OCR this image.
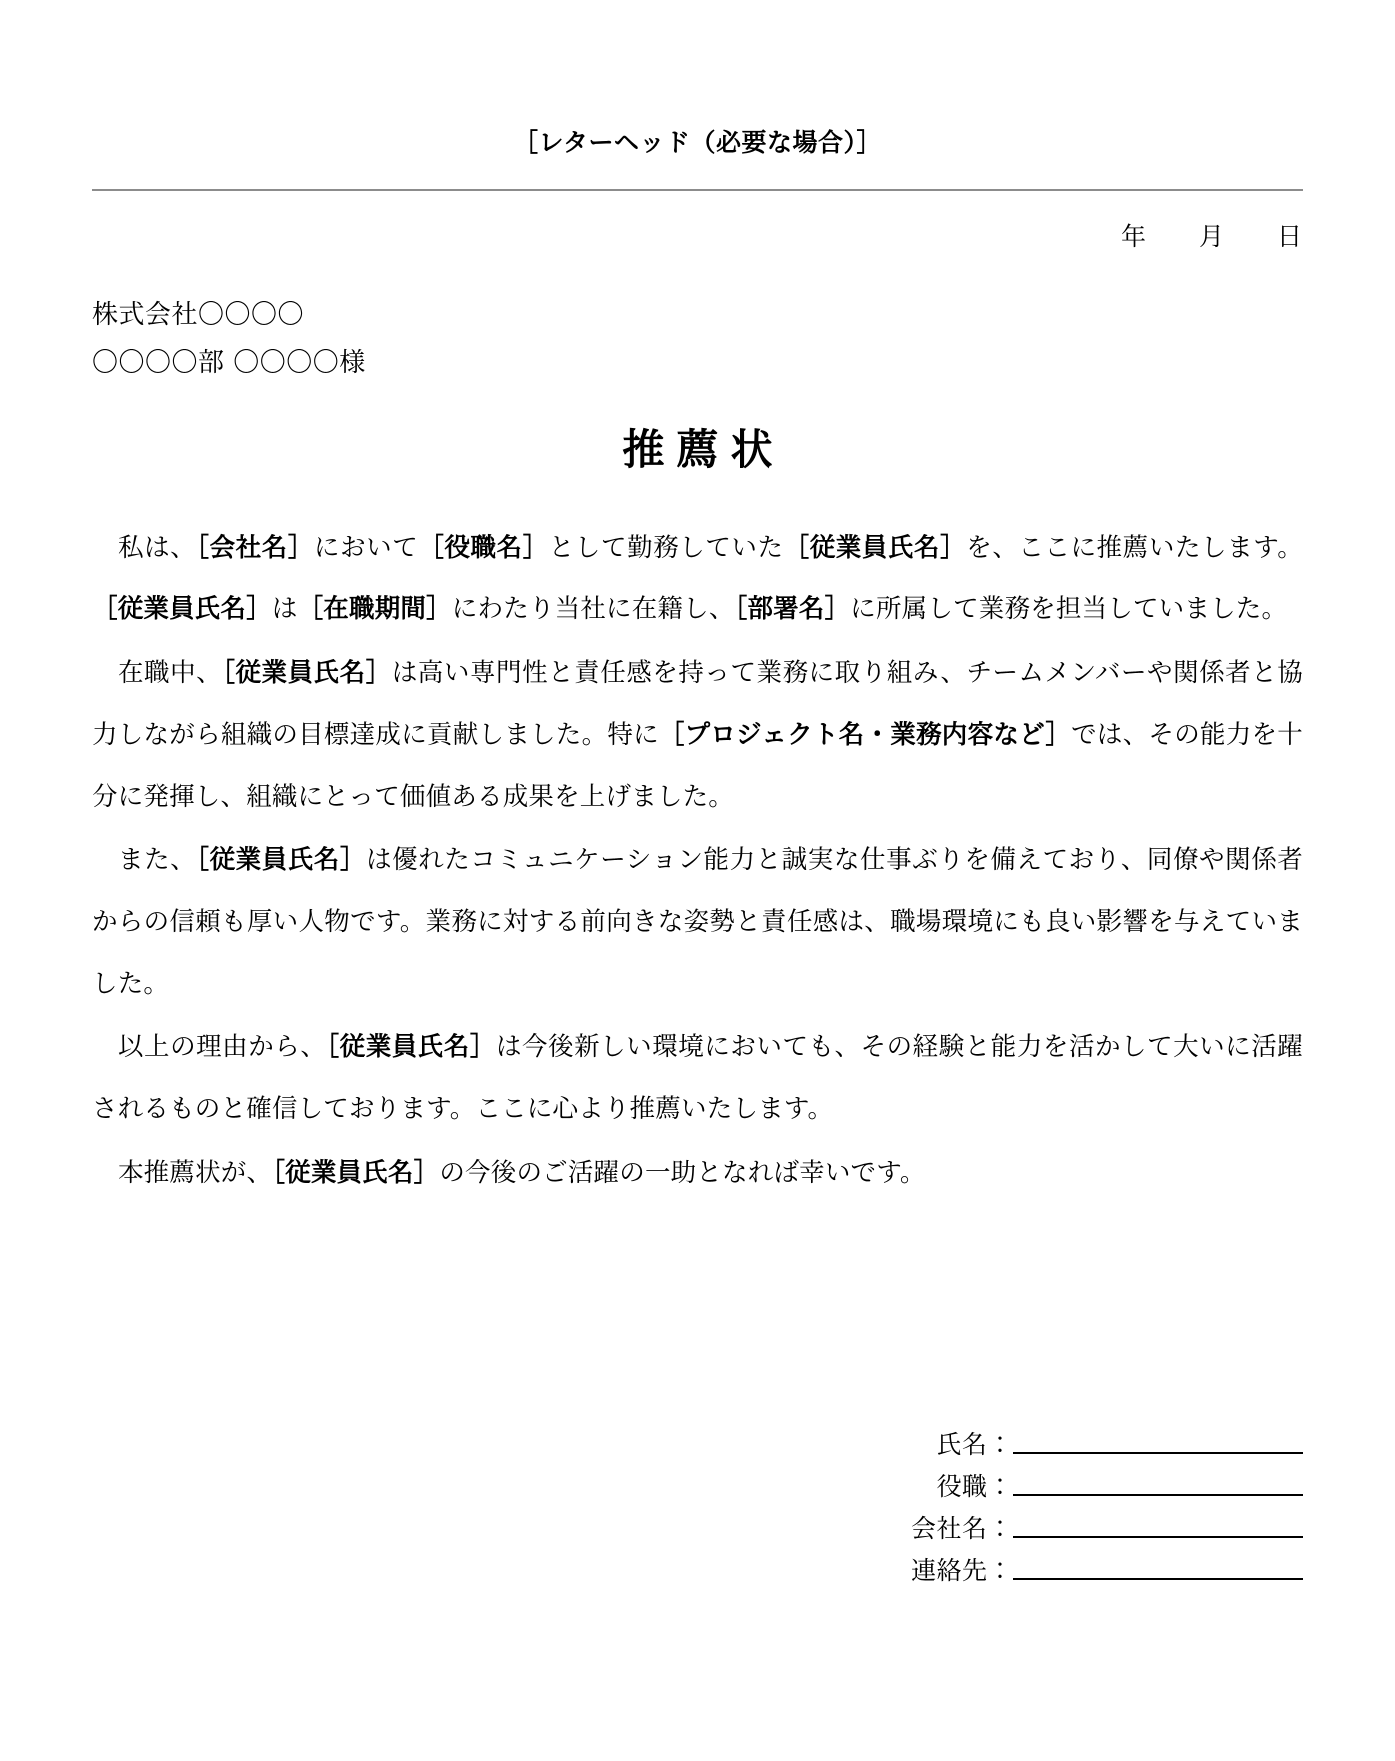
［レターヘッド（必要な場合）］
年　　月　　日
株式会社〇〇〇〇
〇〇〇〇部 〇〇〇〇様
推薦状

私は、［会社名］において［役職名］として勤務していた［従業員氏名］を、ここに推薦いたします。［従業員氏名］は［在職期間］にわたり当社に在籍し、［部署名］に所属して業務を担当していました。

在職中、［従業員氏名］は高い専門性と責任感を持って業務に取り組み、チームメンバーや関係者と協力しながら組織の目標達成に貢献しました。特に［プロジェクト名・業務内容など］では、その能力を十分に発揮し、組織にとって価値ある成果を上げました。

また、［従業員氏名］は優れたコミュニケーション能力と誠実な仕事ぶりを備えており、同僚や関係者からの信頼も厚い人物です。業務に対する前向きな姿勢と責任感は、職場環境にも良い影響を与えていました。

以上の理由から、［従業員氏名］は今後新しい環境においても、その経験と能力を活かして大いに活躍されるものと確信しております。ここに心より推薦いたします。

本推薦状が、［従業員氏名］の今後のご活躍の一助となれば幸いです。

氏名：
役職：
会社名：
連絡先：
